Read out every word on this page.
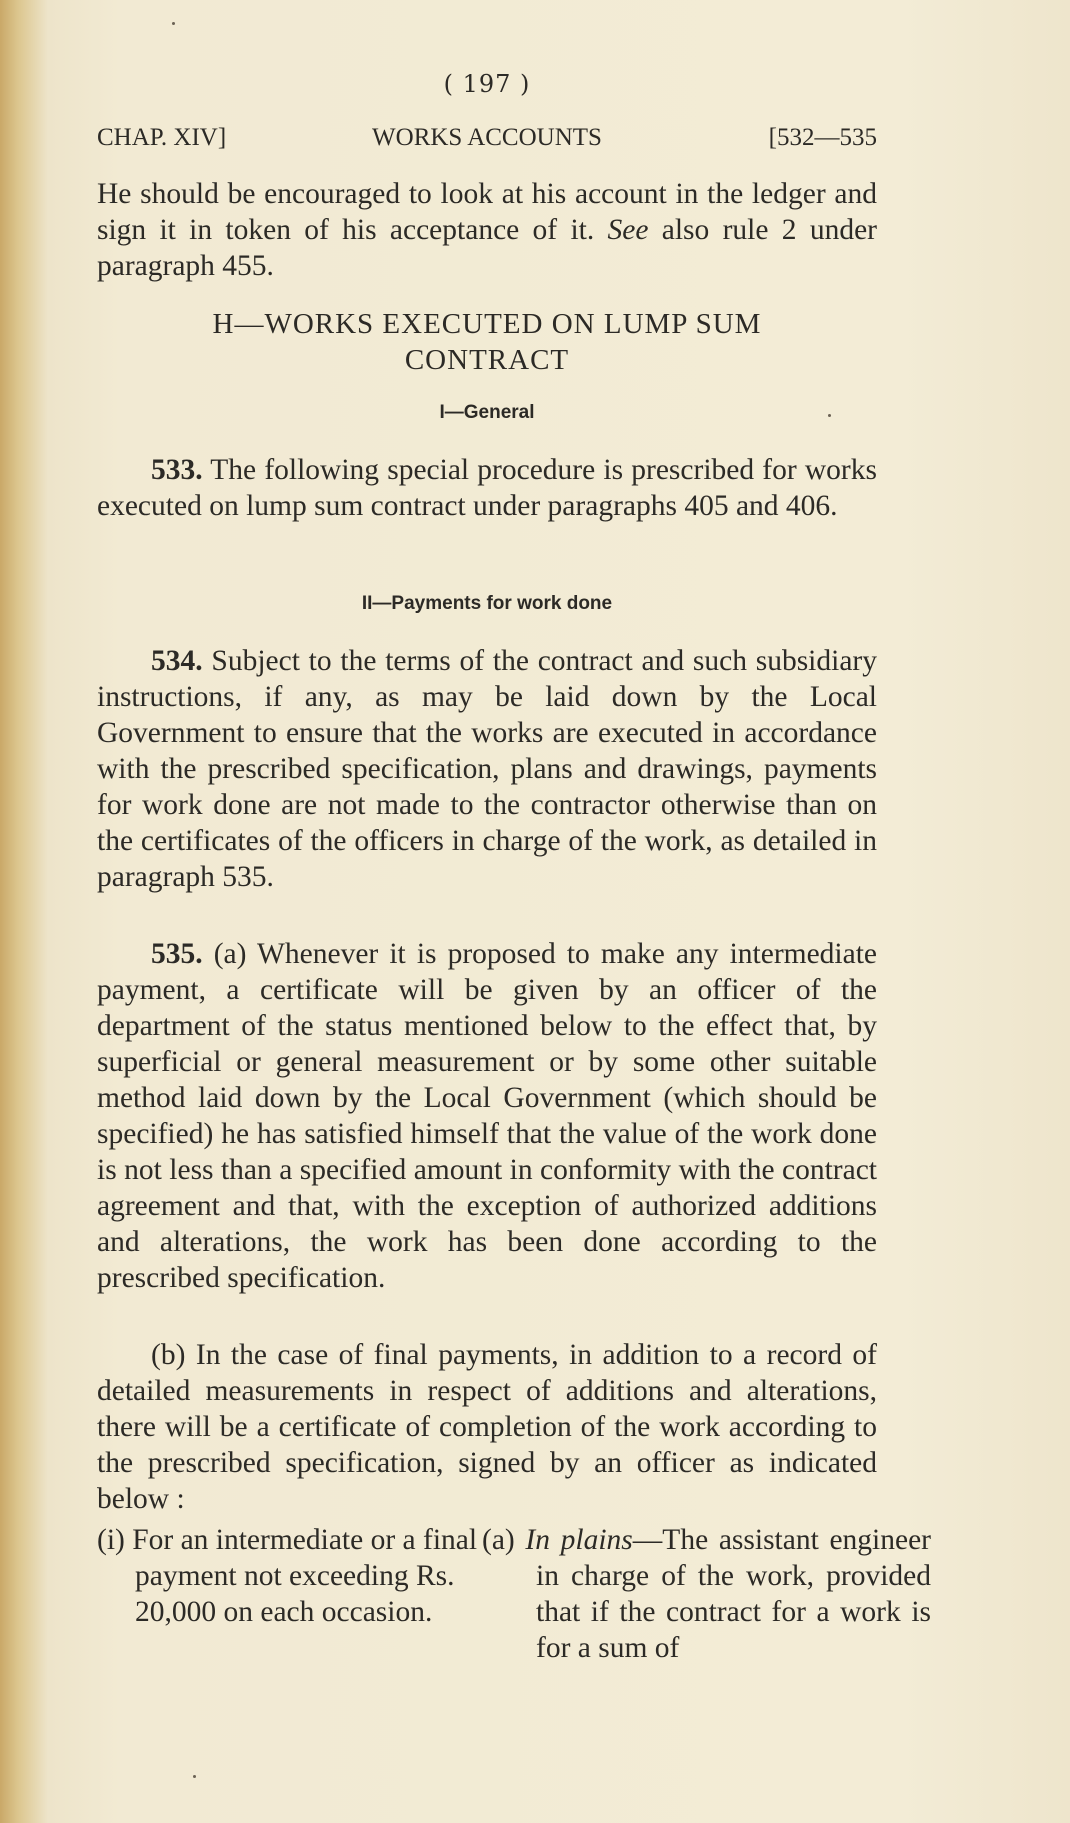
( 197 )
CHAP. XIV]	WORKS ACCOUNTS	[532—535

He should be encouraged to look at his account in the ledger and sign it in token of his acceptance of it. See also rule 2 under paragraph 455.

H—WORKS EXECUTED ON LUMP SUM

CONTRACT

I—General

533. The following special procedure is prescribed for works executed on lump sum contract under paragraphs 405 and 406.

II—Payments for work done

534. Subject to the terms of the contract and such subsidiary instructions, if any, as may be laid down by the Local Government to ensure that the works are executed in accordance with the prescribed specification, plans and drawings, payments for work done are not made to the contractor otherwise than on the certificates of the officers in charge of the work, as detailed in paragraph 535.

535. (a) Whenever it is proposed to make any intermediate payment, a certificate will be given by an officer of the department of the status mentioned below to the effect that, by superficial or general measurement or by some other suitable method laid down by the Local Government (which should be specified) he has satisfied himself that the value of the work done is not less than a specified amount in conformity with the contract agreement and that, with the exception of authorized additions and alterations, the work has been done according to the prescribed specification.

(b) In the case of final payments, in addition to a record of detailed measurements in respect of additions and alterations, there will be a certificate of completion of the work according to the prescribed specification, signed by an officer as indicated below :

(i) For an intermediate or a final payment not exceeding Rs. 20,000 on each occasion.
(a) In plains—The assistant engineer in charge of the work, provided that if the contract for a work is for a sum of
